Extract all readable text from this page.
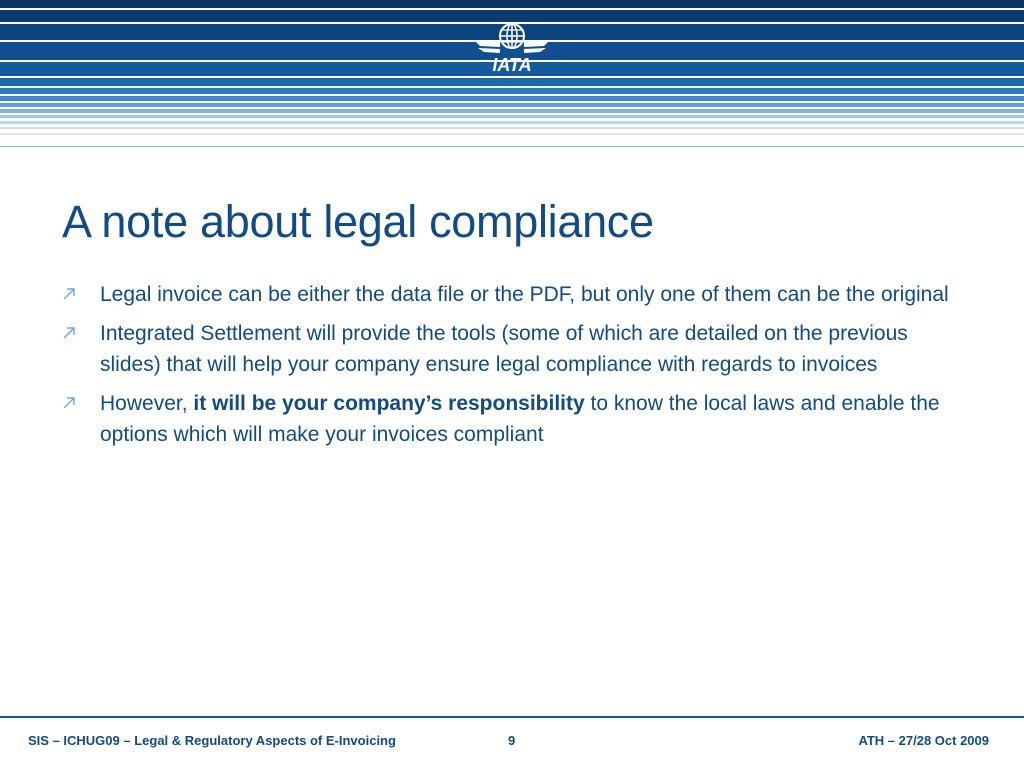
IATA
A note about legal compliance
Legal invoice can be either the data file or the PDF, but only one of them can be the original
Integrated Settlement will provide the tools (some of which are detailed on the previous slides) that will help your company ensure legal compliance with regards to invoices
However, it will be your company’s responsibility to know the local laws and enable the options which will make your invoices compliant
SIS – ICHUG09 – Legal & Regulatory Aspects of E-Invoicing	9	ATH – 27/28 Oct 2009
